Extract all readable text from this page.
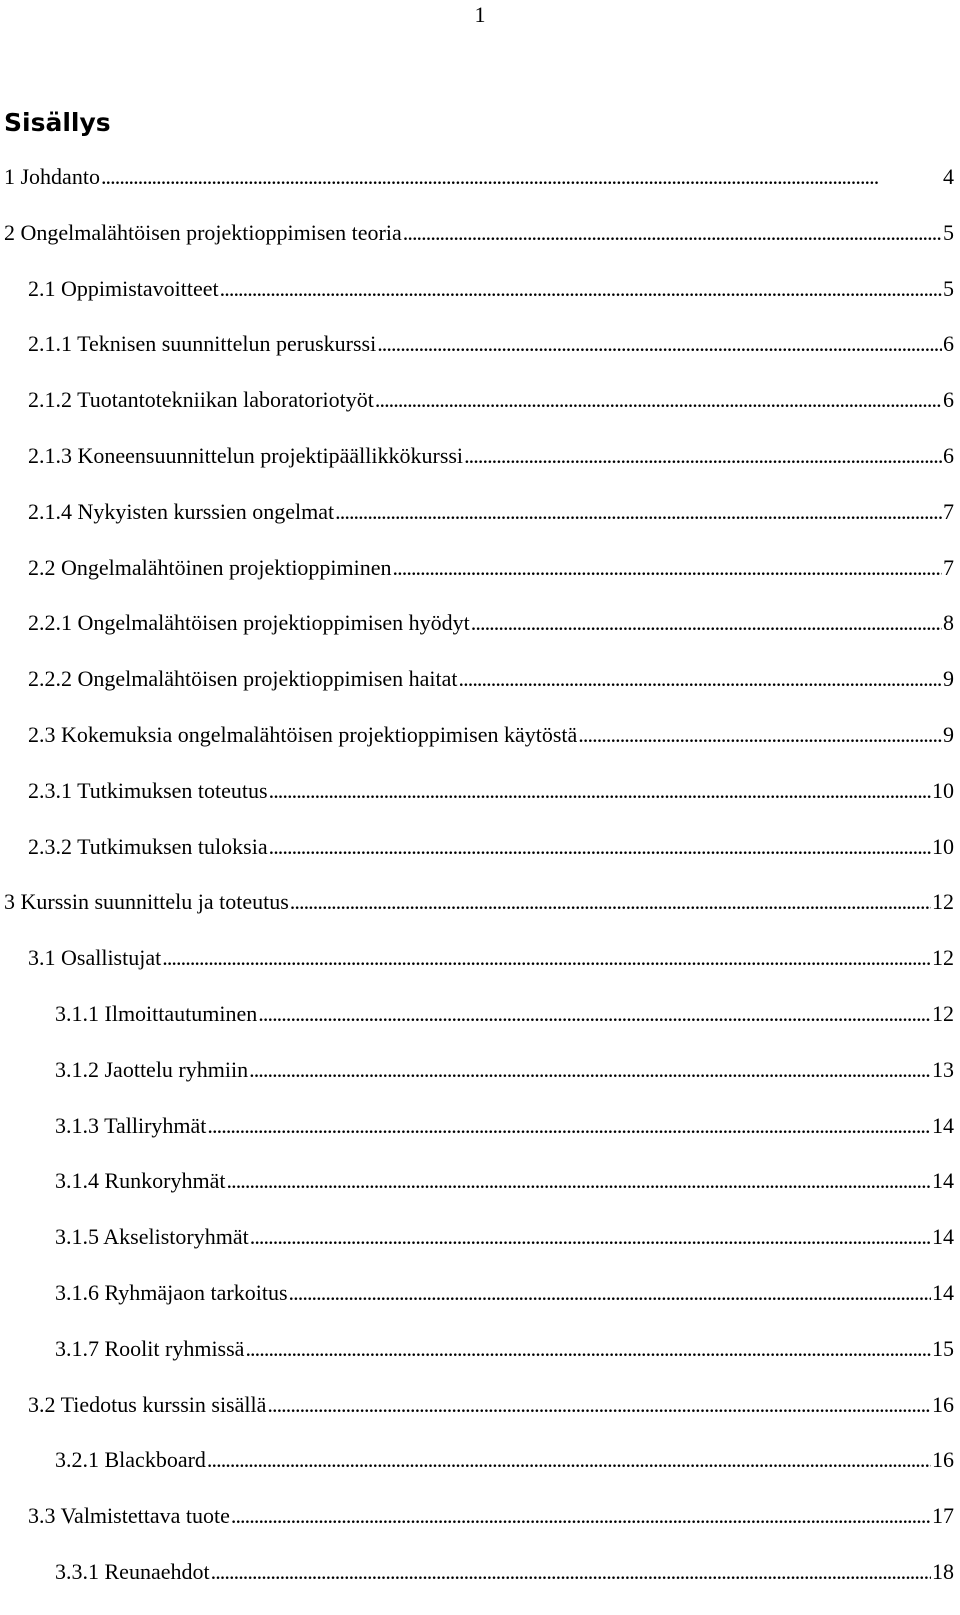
1
Sisällys
1 Johdanto . . .	4
2 Ongelmalähtöisen projektioppimisen teoria . . .	5
2.1 Oppimistavoitteet . . .	5
2.1.1 Teknisen suunnittelun peruskurssi . . .	6
2.1.2 Tuotantotekniikan laboratoriotyöt . . .	6
2.1.3 Koneensuunnittelun projektipäällikkökurssi . . .	6
2.1.4 Nykyisten kurssien ongelmat . . .	7
2.2 Ongelmalähtöinen projektioppiminen . . .	7
2.2.1 Ongelmalähtöisen projektioppimisen hyödyt . . .	8
2.2.2 Ongelmalähtöisen projektioppimisen haitat . . .	9
2.3 Kokemuksia ongelmalähtöisen projektioppimisen käytöstä . . .	9
2.3.1 Tutkimuksen toteutus . . .	10
2.3.2 Tutkimuksen tuloksia . . .	10
3 Kurssin suunnittelu ja toteutus . . .	12
3.1 Osallistujat . . .	12
3.1.1 Ilmoittautuminen . . .	12
3.1.2 Jaottelu ryhmiin . . .	13
3.1.3 Talliryhmät . . .	14
3.1.4 Runkoryhmät . . .	14
3.1.5 Akselistoryhmät . . .	14
3.1.6 Ryhmäjaon tarkoitus . . .	14
3.1.7 Roolit ryhmissä . . .	15
3.2 Tiedotus kurssin sisällä . . .	16
3.2.1 Blackboard . . .	16
3.3 Valmistettava tuote . . .	17
3.3.1 Reunaehdot . . .	18
